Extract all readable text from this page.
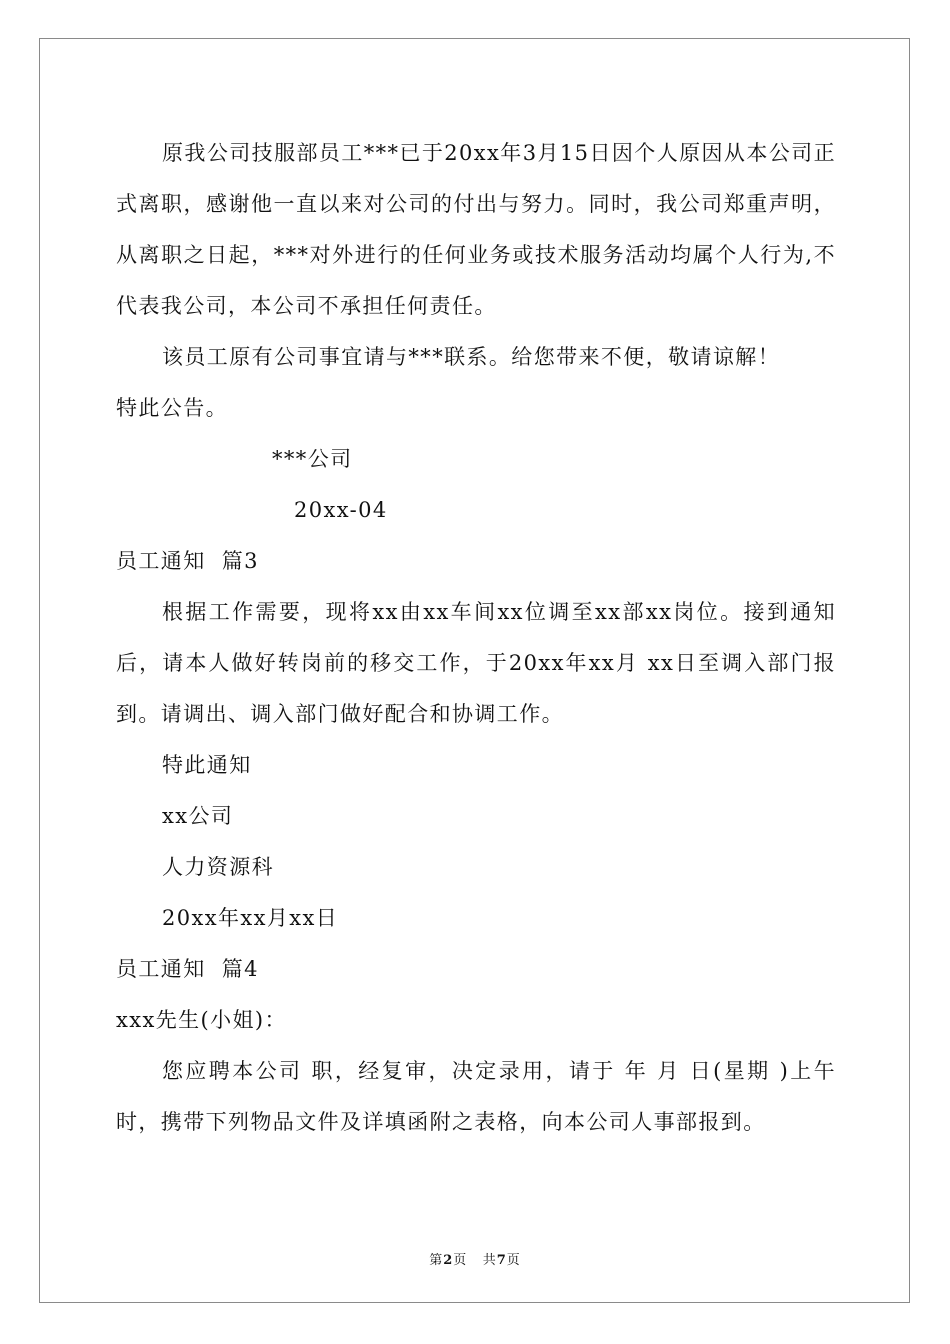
原我公司技服部员工***已于20xx年3月15日因个人原因从本公司正式离职，感谢他一直以来对公司的付出与努力。同时，我公司郑重声明，从离职之日起，***对外进行的任何业务或技术服务活动均属个人行为,不代表我公司，本公司不承担任何责任。

该员工原有公司事宜请与***联系。给您带来不便，敬请谅解！

特此公告。

***公司

20xx-04

员工通知  篇3

根据工作需要，现将xx由xx车间xx位调至xx部xx岗位。接到通知后，请本人做好转岗前的移交工作，于20xx年xx月 xx日至调入部门报到。请调出、调入部门做好配合和协调工作。

特此通知

xx公司

人力资源科

20xx年xx月xx日

员工通知  篇4

xxx先生(小姐)：

您应聘本公司 职，经复审，决定录用，请于 年 月 日(星期 )上午 时，携带下列物品文件及详填函附之表格，向本公司人事部报到。

第2页   共7页
